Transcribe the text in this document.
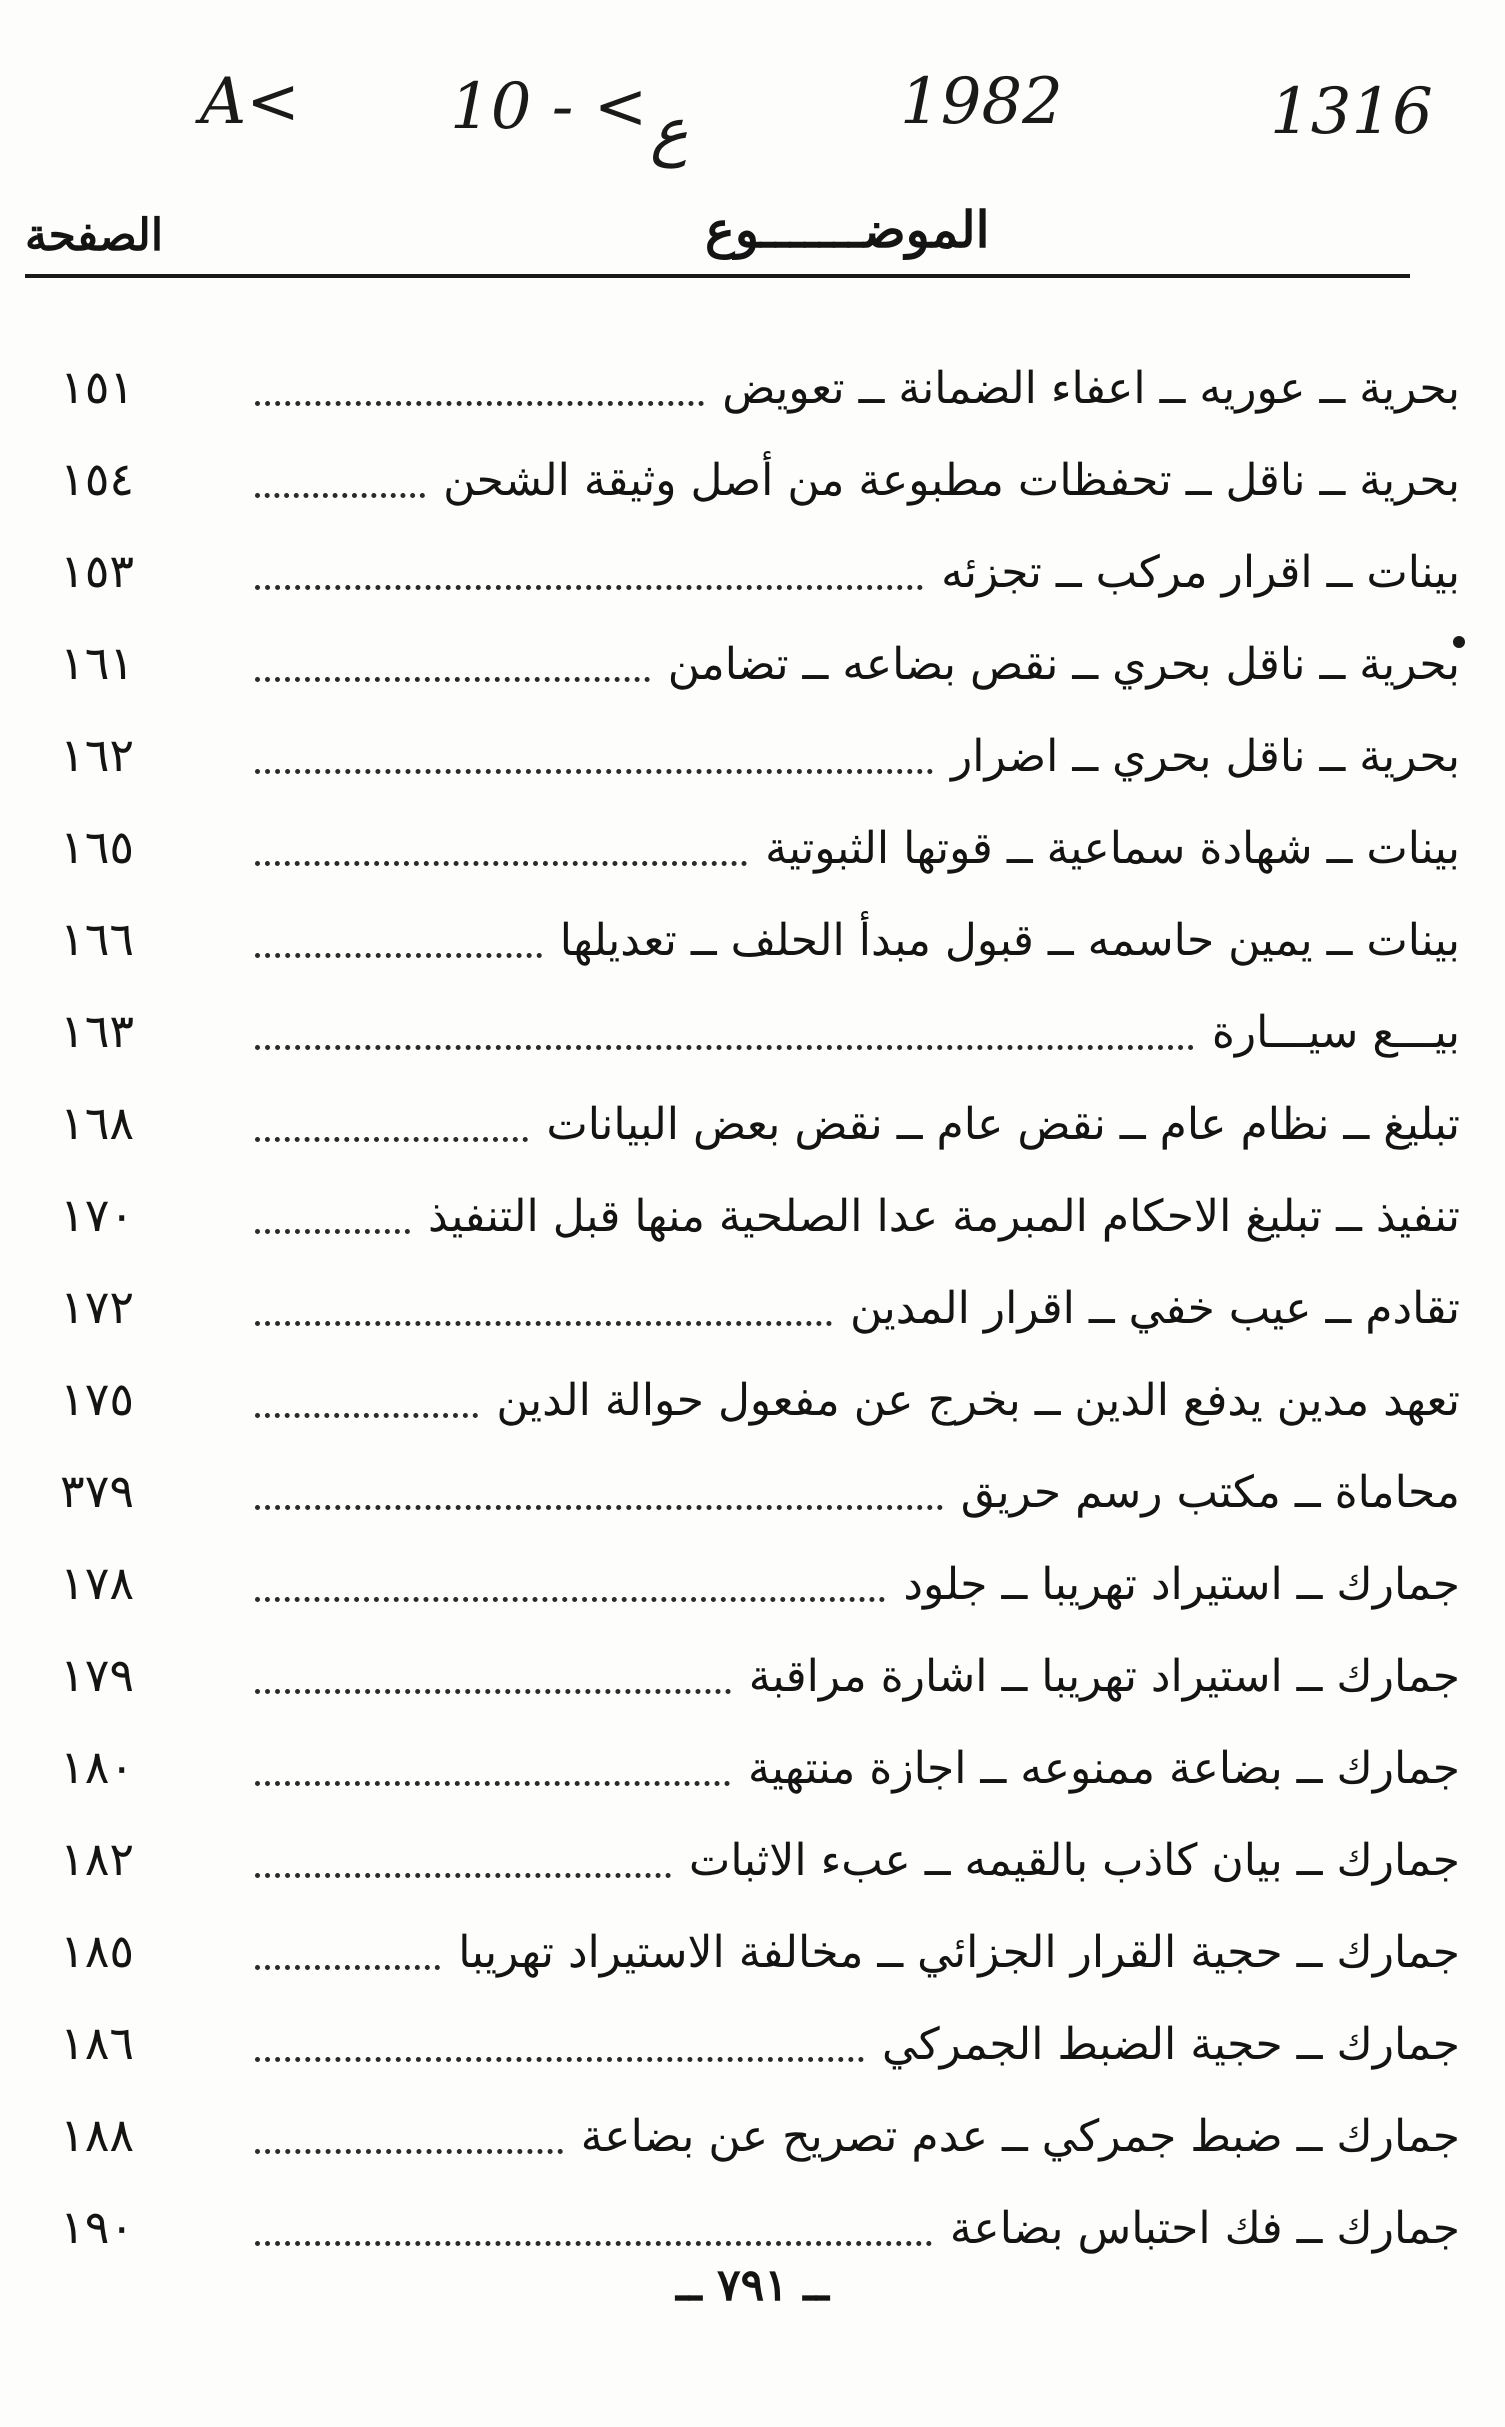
A< 10 - < ع	1982	1316
الصفحة	الموضـــــــوع
١٥١	بحرية ــ عوريه ــ اعفاء الضمانة ــ تعويض
١٥٤	بحرية ــ ناقل ــ تحفظات مطبوعة من أصل وثيقة الشحن
١٥٣	بينات ــ اقرار مركب ــ تجزئه
١٦١	بحرية ــ ناقل بحري ــ نقص بضاعه ــ تضامن
١٦٢	بحرية ــ ناقل بحري ــ اضرار
١٦٥	بينات ــ شهادة سماعية ــ قوتها الثبوتية
١٦٦	بينات ــ يمين حاسمه ــ قبول مبدأ الحلف ــ تعديلها
١٦٣	بيـــع سيـــارة
١٦٨	تبليغ ــ نظام عام ــ نقض عام ــ نقض بعض البيانات
١٧٠	تنفيذ ــ تبليغ الاحكام المبرمة عدا الصلحية منها قبل التنفيذ
١٧٢	تقادم ــ عيب خفي ــ اقرار المدين
١٧٥	تعهد مدين يدفع الدين ــ بخرج عن مفعول حوالة الدين
٣٧٩	محاماة ــ مكتب رسم حريق
١٧٨	جمارك ــ استيراد تهريبا ــ جلود
١٧٩	جمارك ــ استيراد تهريبا ــ اشارة مراقبة
١٨٠	جمارك ــ بضاعة ممنوعه ــ اجازة منتهية
١٨٢	جمارك ــ بيان كاذب بالقيمه ــ عبء الاثبات
١٨٥	جمارك ــ حجية القرار الجزائي ــ مخالفة الاستيراد تهريبا
١٨٦	جمارك ــ حجية الضبط الجمركي
١٨٨	جمارك ــ ضبط جمركي ــ عدم تصريح عن بضاعة
١٩٠	جمارك ــ فك احتباس بضاعة
ــ ٧٩١ ــ
